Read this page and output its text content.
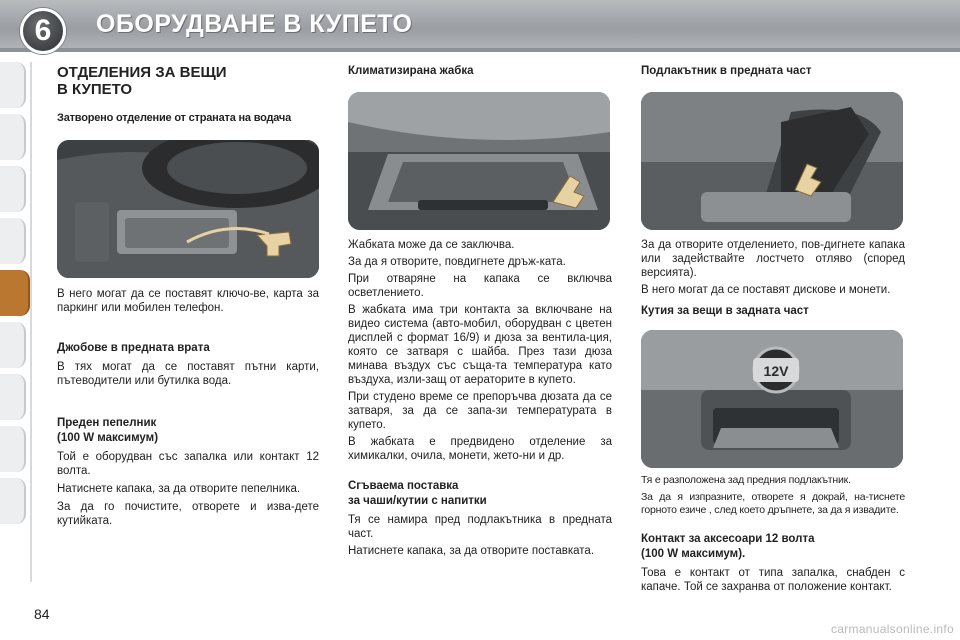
6	ОБОРУДВАНЕ В КУПЕТО
ОТДЕЛЕНИЯ ЗА ВЕЩИ
В КУПЕТО
Затворено отделение от страната на водача

В него могат да се поставят ключо-ве, карта за паркинг или мобилен телефон.

Джобове в предната врата

В тях могат да се поставят пътни карти, пътеводители или бутилка вода.

Преден пепелник
(100 W максимум)

Той е оборудван със запалка или контакт 12 волта.

Натиснете капака, за да отворите пепелника.

За да го почистите, отворете и изва-дете кутийката.

Климатизирана жабка

Жабката може да се заключва.

За да я отворите, повдигнете дръж-ката.

При отваряне на капака се включва осветлението.

В жабката има три контакта за включване на видео система (авто-мобил, оборудван с цветен дисплей с формат 16/9) и дюза за вентила-ция, която се затваря с шайба. През тази дюза минава въздух със съща-та температура като въздуха, изли-защ от аераторите в купето.

При студено време се препоръчва дюзата да се затваря, за да се запа-зи температурата в купето.

В жабката е предвидено отделение за химикалки, очила, монети, жето-ни и др.

Сгъваема поставка
за чаши/кутии с напитки

Тя се намира пред подлакътника в предната част.

Натиснете капака, за да отворите поставката.

Подлакътник в предната част

За да отворите отделението, пов-дигнете капака или задействайте лостчето отляво (според версията).

В него могат да се поставят дискове и монети.

Кутия за вещи в задната част
12V

Тя е разположена зад предния подлакътник.

За да я изпразните, отворете я докрай, на-тиснете горното езиче , след което дръпнете, за да я извадите.

Контакт за аксесоари 12 волта
(100 W максимум).

Това е контакт от типа запалка, снабден с капаче. Той се захранва от положение контакт.

84
carmanualsonline.info
